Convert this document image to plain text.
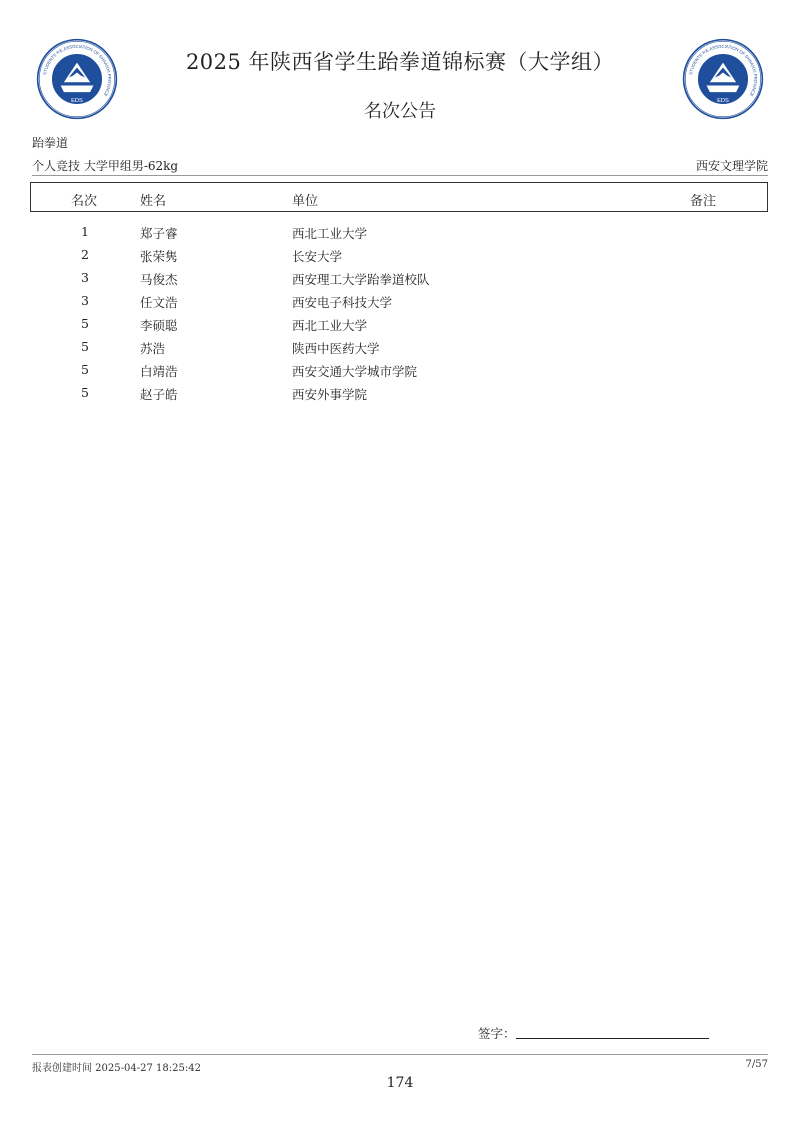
EDS
STUDENTS P.E.ASSOCIATION OF SHAANXI PROVINCE
EDS
STUDENTS P.E.ASSOCIATION OF SHAANXI PROVINCE
2025 年陕西省学生跆拳道锦标赛（大学组）
名次公告
跆拳道
个人竞技 大学甲组男-62kg	西安文理学院
名次	姓名	单位	备注
1	郑子睿	西北工业大学
2	张荣隽	长安大学
3	马俊杰	西安理工大学跆拳道校队
3	任文浩	西安电子科技大学
5	李硕聪	西北工业大学
5	苏浩	陕西中医药大学
5	白靖浩	西安交通大学城市学院
5	赵子皓	西安外事学院
签字：
报表创建时间 2025-04-27 18:25:42	7/57
174
